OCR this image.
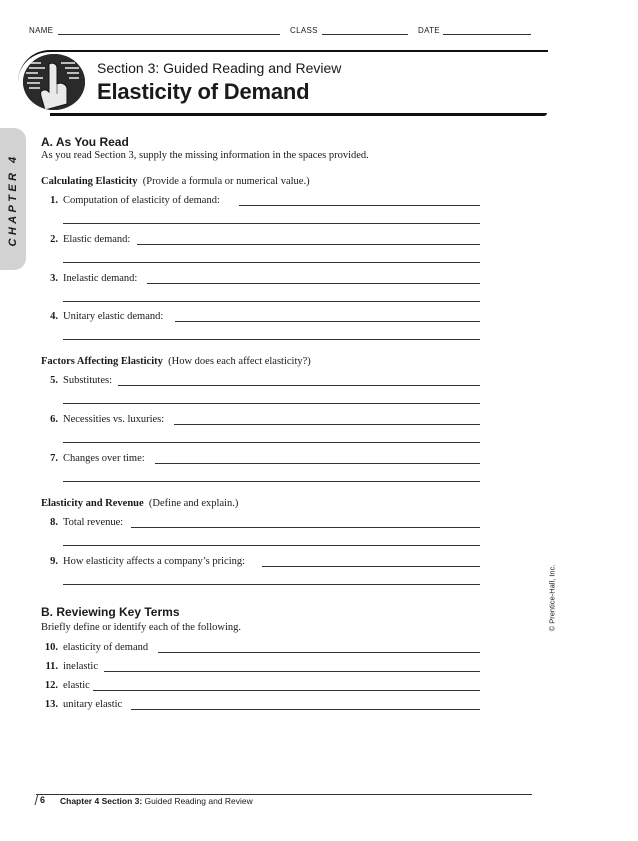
NAME	CLASS	DATE
Section 3: Guided Reading and Review
Elasticity of Demand
CHAPTER 4
A. As You Read
As you read Section 3, supply the missing information in the spaces provided.
Calculating Elasticity (Provide a formula or numerical value.)
1. Computation of elasticity of demand:
2. Elastic demand:
3. Inelastic demand:
4. Unitary elastic demand:
Factors Affecting Elasticity (How does each affect elasticity?)
5. Substitutes:
6. Necessities vs. luxuries:
7. Changes over time:
Elasticity and Revenue (Define and explain.)
8. Total revenue:
9. How elasticity affects a company’s pricing:
B. Reviewing Key Terms
Briefly define or identify each of the following.
10. elasticity of demand
11. inelastic
12. elastic
13. unitary elastic
© Prentice-Hall, Inc.
6 Chapter 4 Section 3: Guided Reading and Review
